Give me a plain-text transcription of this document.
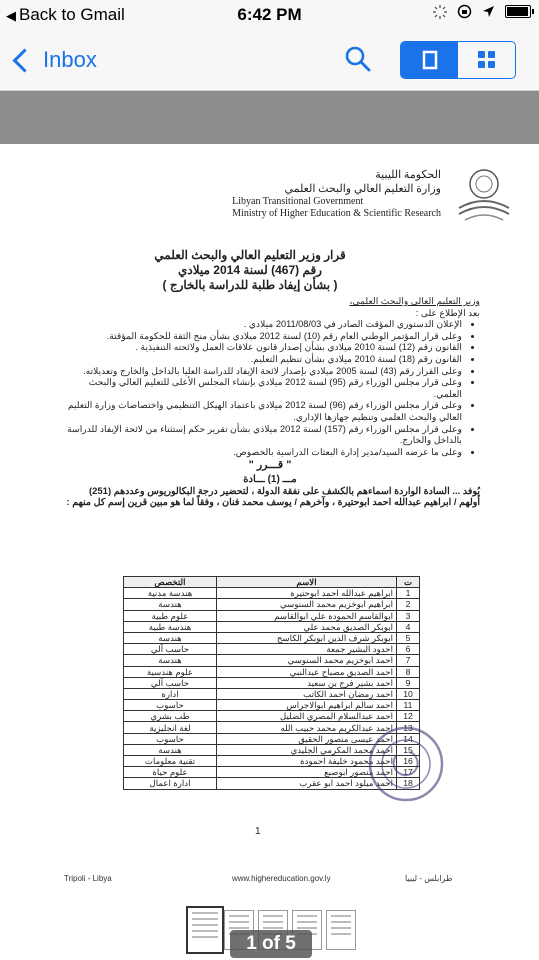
◀ Back to Gmail	6:42 PM
Inbox
الحكومة الليبية
وزارة التعليم العالي والبحث العلمي
Libyan Transitional Government
Ministry of Higher Education & Scientific Research
قرار وزير التعليم العالي والبحث العلمي
رقم (467) لسنة 2014 ميلادي
( بشأن إيفاد طلبة للدراسة بالخارج )

وزير التعليم العالي والبحث العلمي،

بعد الإطلاع على :

• الإعلان الدستوري المؤقت الصادر في 2011/08/03 ميلادي .
• وعلى قرار المؤتمر الوطني العام رقم (10) لسنة 2012 ميلادي بشأن منح الثقة للحكومة المؤقتة.
• القانون رقم (12) لسنة 2010 ميلادي بشأن إصدار قانون علاقات العمل ولائحته التنفيذية .
• القانون رقم (18) لسنة 2010 ميلادي بشأن تنظيم التعليم.
• وعلى القرار رقم (43) لسنة 2005 ميلادي بإصدار لائحة الإيفاد للدراسة العليا بالداخل والخارج وتعديلاته.
• وعلى قرار مجلس الوزراء رقم (95) لسنة 2012 ميلادي بإنشاء المجلس الأعلى للتعليم العالي والبحث العلمي.
• وعلى قرار مجلس الوزراء رقم (96) لسنة 2012 ميلادي باعتماد الهيكل التنظيمي واختصاصات وزارة التعليم العالي والبحث العلمي وتنظيم جهازها الإداري.
• وعلى قرار مجلس الوزراء رقم (157) لسنة 2012 ميلادي بشأن تقرير حكم إستثناء من لائحة الإيفاد للدراسة بالداخل والخارج.
• وعلى ما عرضه السيد/مدير إدارة البعثات الدراسية بالخصوص.
" قـــرر "
مـــ (1) ـــادة

يُوفد ... السادة الواردة اسماءهم بالكشف على نفقة الدولة ، لتحضير درجة البكالوريوس وعددهم (251)

أولهم / ابراهيم عبدالله احمد ابوحتيرة ، وآخرهم / يوسف محمد فنان ، وفقاً لما هو مبين قرين إسم كل منهم :

ت	الاسم	التخصص
1	ابراهيم عبدالله احمد ابوحتيرة	هندسة مدنية
2	ابراهيم ابوخزيم محمد السنوسي	هندسة
3	ابوالقاسم الحمودة علي ابوالقاسم	علوم طبية
4	ابوبكر الصديق محمد علي	هندسة طبية
5	ابوبكر شرف الدين ابوبكر الكاسح	هندسة
6	احدود البشير جمعة	حاسب آلي
7	احمد ابوخزيم محمد السنوسي	هندسة
8	احمد الصديق مصباح عبدالنبي	علوم هندسية
9	احمد بشير فرج بن سعيد	حاسب آلي
10	احمد رمضان احمد الكاتب	ادارة
11	احمد سالم ابراهيم ابوالاجراس	حاسوب
12	احمد عبدالسلام المصري الضليل	طب بشري
13	احمد عبدالكريم محمد حبيب الله	لغة انجليزية
14	احمد عيسى منصور الحقيق	حاسوب
15	احمد محمد المكرمي الجليدي	هندسة
16	احمد محمود خليفة احمودة	تقنية معلومات
17	احمد منصور ابوصبع	علوم حياة
18	احمد ميلود احمد ابو عقرب	ادارة اعمال
1
Tripoli - Libya	www.highereducation.gov.ly	طرابلس - ليبيا
1 of 5
